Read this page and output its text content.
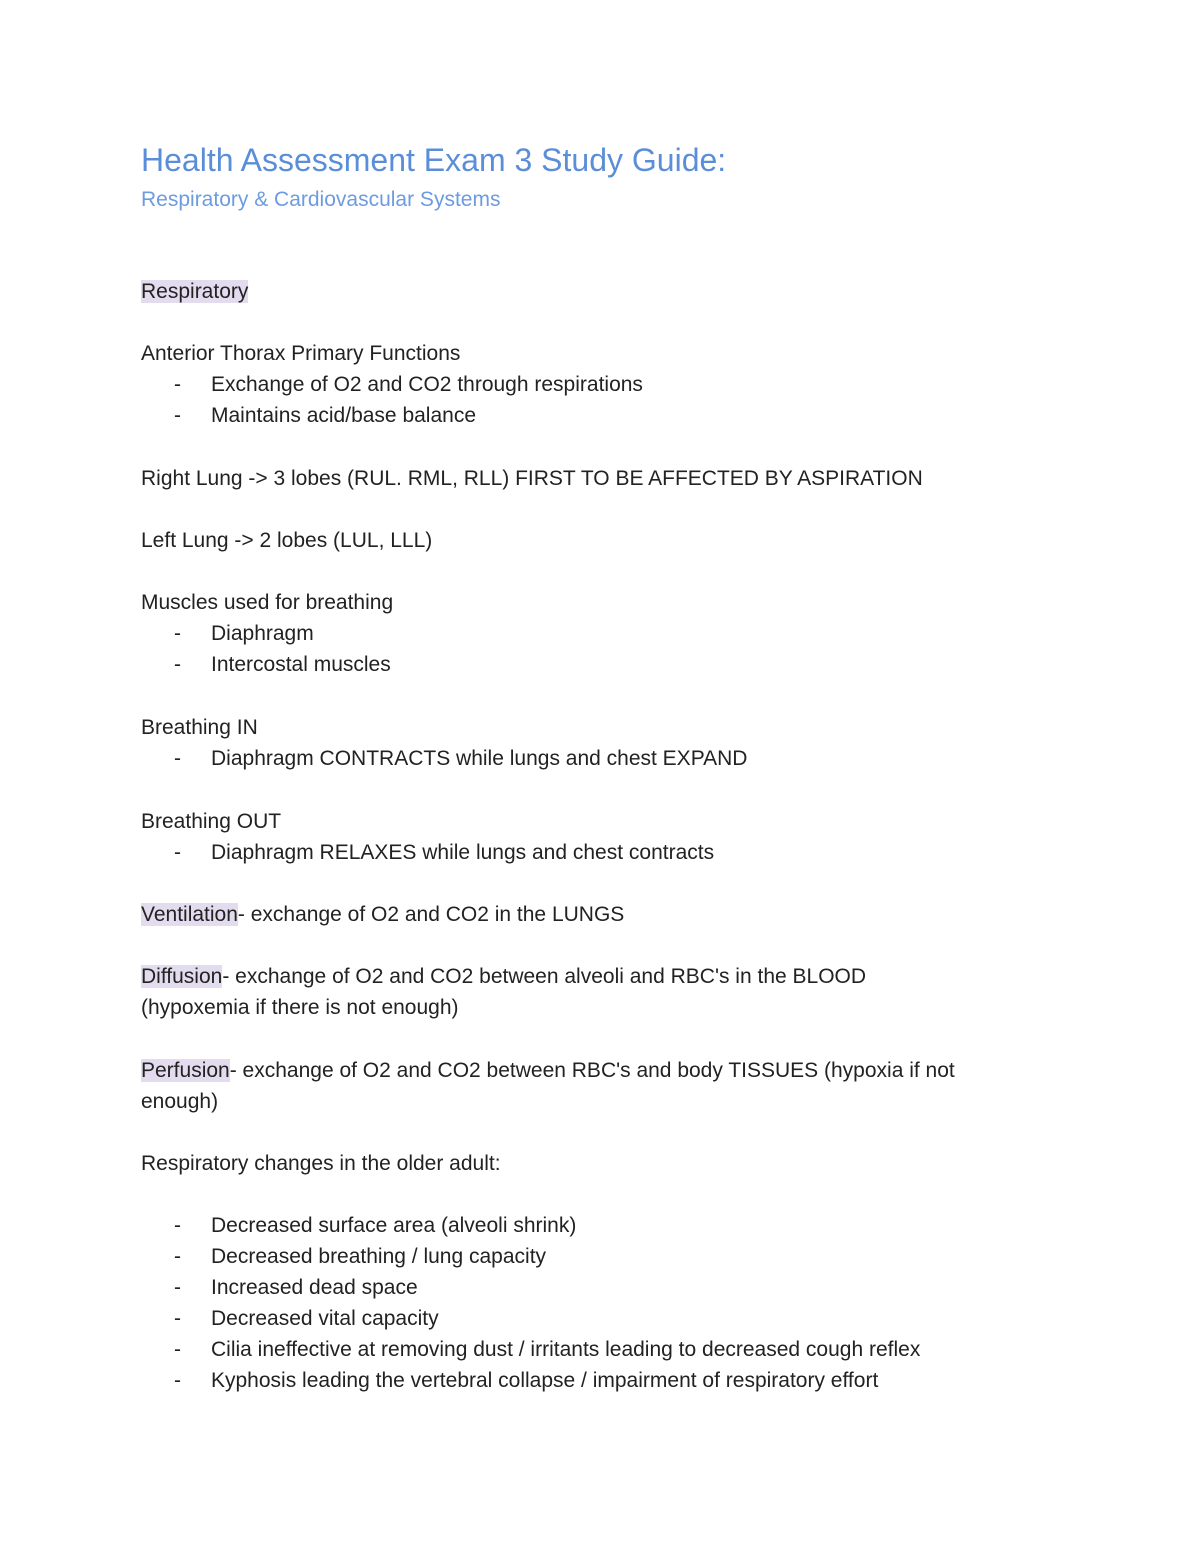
Health Assessment Exam 3 Study Guide:
Respiratory & Cardiovascular Systems
Respiratory
Anterior Thorax Primary Functions
- Exchange of O2 and CO2 through respirations
- Maintains acid/base balance
Right Lung -> 3 lobes (RUL. RML, RLL) FIRST TO BE AFFECTED BY ASPIRATION
Left Lung -> 2 lobes (LUL, LLL)
Muscles used for breathing
- Diaphragm
- Intercostal muscles
Breathing IN
- Diaphragm CONTRACTS while lungs and chest EXPAND
Breathing OUT
- Diaphragm RELAXES while lungs and chest contracts
Ventilation- exchange of O2 and CO2 in the LUNGS
Diffusion- exchange of O2 and CO2 between alveoli and RBC's in the BLOOD
(hypoxemia if there is not enough)
Perfusion- exchange of O2 and CO2 between RBC's and body TISSUES (hypoxia if not
enough)
Respiratory changes in the older adult:
- Decreased surface area (alveoli shrink)
- Decreased breathing / lung capacity
- Increased dead space
- Decreased vital capacity
- Cilia ineffective at removing dust / irritants leading to decreased cough reflex
- Kyphosis leading the vertebral collapse / impairment of respiratory effort
